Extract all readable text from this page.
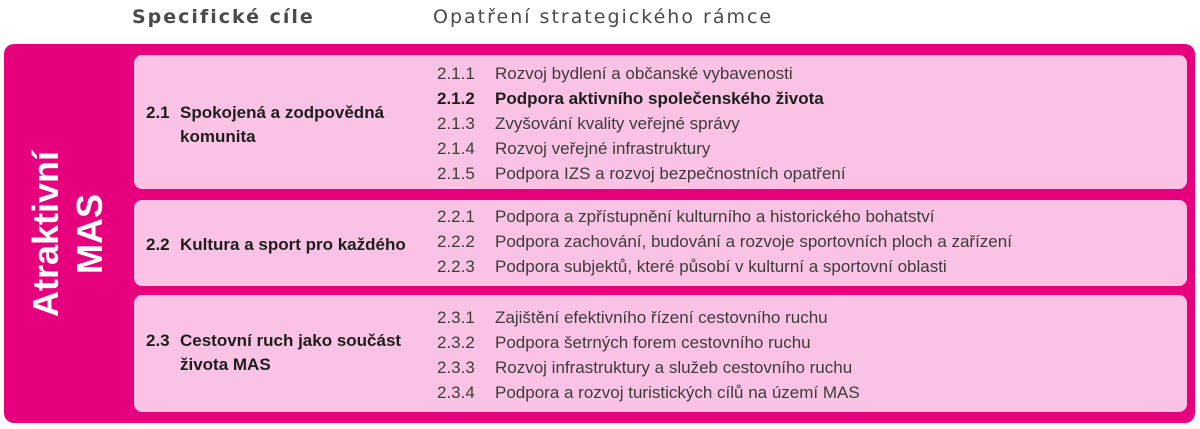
Specifické cíle	Opatření strategického rámce
Atraktivní MAS
2.1 Spokojená a zodpovědná
komunita
2.1.1 Rozvoj bydlení a občanské vybavenosti
2.1.2 Podpora aktivního společenského života
2.1.3 Zvyšování kvality veřejné správy
2.1.4 Rozvoj veřejné infrastruktury
2.1.5 Podpora IZS a rozvoj bezpečnostních opatření
2.2 Kultura a sport pro každého
2.2.1 Podpora a zpřístupnění kulturního a historického bohatství
2.2.2 Podpora zachování, budování a rozvoje sportovních ploch a zařízení
2.2.3 Podpora subjektů, které působí v kulturní a sportovní oblasti
2.3 Cestovní ruch jako součást
života MAS
2.3.1 Zajištění efektivního řízení cestovního ruchu
2.3.2 Podpora šetrných forem cestovního ruchu
2.3.3 Rozvoj infrastruktury a služeb cestovního ruchu
2.3.4 Podpora a rozvoj turistických cílů na území MAS
